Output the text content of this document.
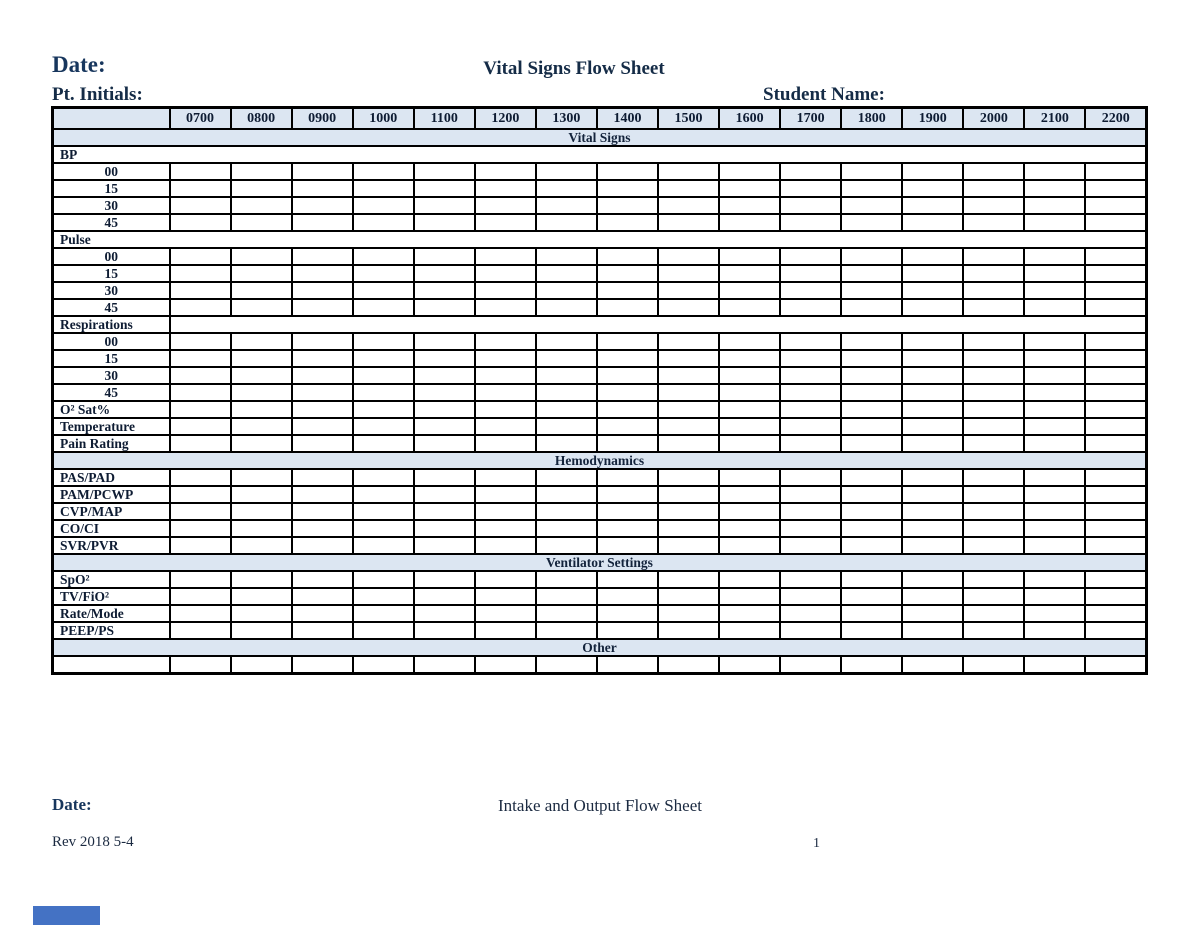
Date:	Vital Signs Flow Sheet
Pt. Initials:	Student Name:
	0700	0800	0900	1000	1100	1200	1300	1400	1500	1600	1700	1800	1900	2000	2100	2200
Vital Signs																
BP																
00																
15																
30																
45																
Pulse																
00																
15																
30																
45																
Respirations																
00																
15																
30																
45																
O² Sat%																
Temperature																
Pain Rating																
Hemodynamics																
PAS/PAD																
PAM/PCWP																
CVP/MAP																
CO/CI																
SVR/PVR																
Ventilator Settings																
SpO²																
TV/FiO²																
Rate/Mode																
PEEP/PS																
Other																

Date:	Intake and Output Flow Sheet
Rev 2018 5-4	1
